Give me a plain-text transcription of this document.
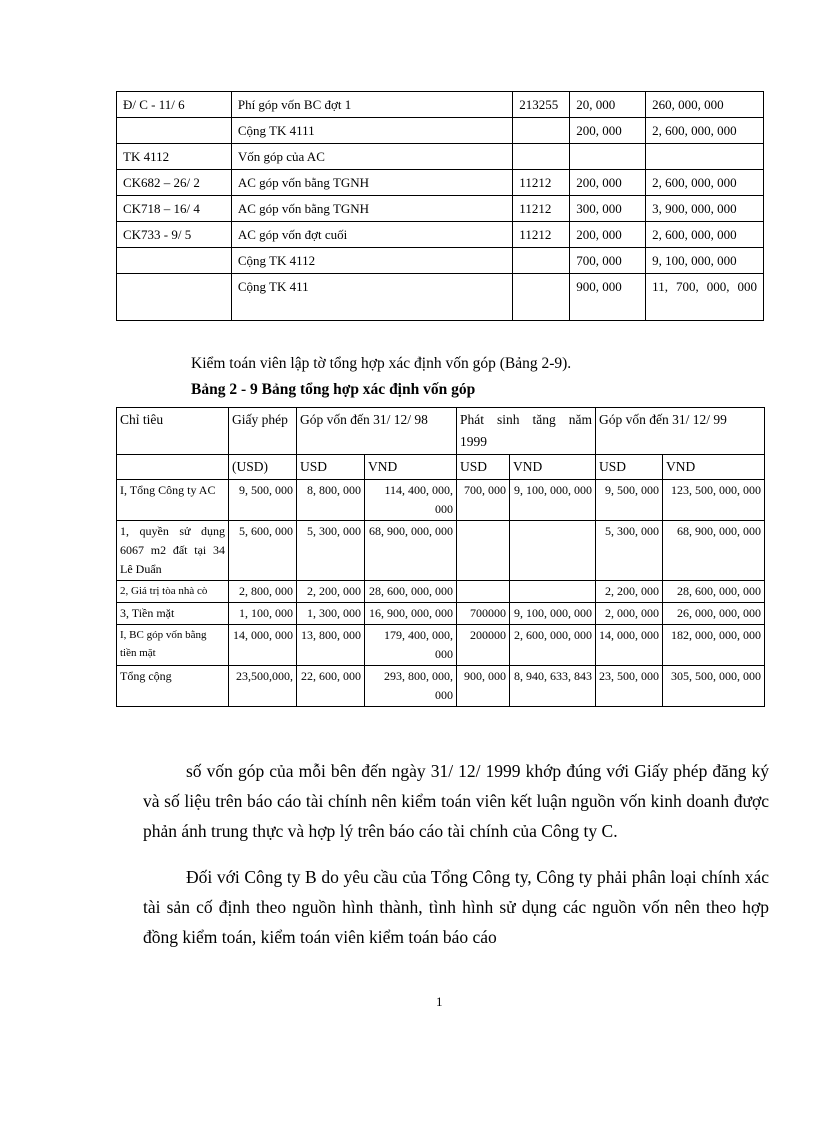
Đ/ C - 11/ 6	Phí góp vốn BC đợt 1	213255	20, 000	260, 000, 000
	Cộng TK 4111		200, 000	2, 600, 000, 000
TK 4112	Vốn góp của AC			
CK682 – 26/ 2	AC góp vốn bằng TGNH	11212	200, 000	2, 600, 000, 000
CK718 – 16/ 4	AC góp vốn bằng TGNH	11212	300, 000	3, 900, 000, 000
CK733 - 9/ 5	AC góp vốn đợt cuối	11212	200, 000	2, 600, 000, 000
	Cộng TK 4112		700, 000	9, 100, 000, 000
	Cộng TK 411		900, 000	11, 700, 000, 000
Kiểm toán viên lập tờ tổng hợp xác định vốn góp (Bảng 2-9).
Bảng 2 - 9 Bảng tổng hợp xác định vốn góp
Chỉ tiêu	Giấy phép	Góp vốn đến 31/ 12/ 98		Phát sinh tăng năm 1999		Góp vốn đến 31/ 12/ 99	
	(USD)	USD	VND	USD	VND	USD	VND
I, Tổng Công ty AC	9, 500, 000	8, 800, 000	114, 400, 000, 000	700, 000	9, 100, 000, 000	9, 500, 000	123, 500, 000, 000
1, quyền sử dụng 6067 m2 đất tại 34 Lê Duẩn	5, 600, 000	5, 300, 000	68, 900, 000, 000			5, 300, 000	68, 900, 000, 000
2, Giá trị tòa nhà cò	2, 800, 000	2, 200, 000	28, 600, 000, 000			2, 200, 000	28, 600, 000, 000
3, Tiền mặt	1, 100, 000	1, 300, 000	16, 900, 000, 000	700000	9, 100, 000, 000	2, 000, 000	26, 000, 000, 000
I, BC góp vốn bằng tiền mặt	14, 000, 000	13, 800, 000	179, 400, 000, 000	200000	2, 600, 000, 000	14, 000, 000	182, 000, 000, 000
Tổng cộng	23,500,000,	22, 600, 000	293, 800, 000, 000	900, 000	8, 940, 633, 843	23, 500, 000	305, 500, 000, 000
số vốn góp của mỗi bên đến ngày 31/ 12/ 1999 khớp đúng với Giấy phép đăng ký và số liệu trên báo cáo tài chính nên kiểm toán viên kết luận nguồn vốn kinh doanh được phản ánh trung thực và hợp lý trên báo cáo tài chính của Công ty C.
Đối với Công ty B do yêu cầu của Tổng Công ty, Công ty phải phân loại chính xác tài sản cố định theo nguồn hình thành, tình hình sử dụng các nguồn vốn nên theo hợp đồng kiểm toán, kiểm toán viên kiểm toán báo cáo
1
